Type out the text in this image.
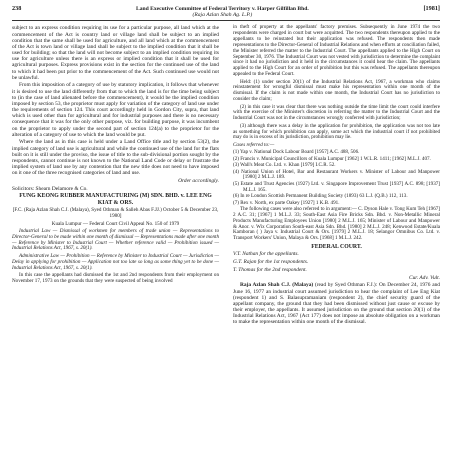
238	Land Executive Committee of Federal Territory v. Harper Gilfillan Bhd.
(Raja Azlan Shah Ag. L.P.)
[1981]

subject to an express condition requiring its use for a particular purpose, all land which at the commencement of the Act is country land or village land shall be subject to an implied condition that the same shall be used for agriculture, and all land which at the commencement of the Act is town land or village land shall be subject to the implied condition that it shall be used for building; so that the land will not become subject to an implied condition requiring its use for agriculture unless there is an express or implied condition that it shall be used for agricultural purposes. Express provisions exist in the section for the continued use of the land to which it had been put prior to the commencement of the Act. Such continued use would not be unlawful.

From this imposition of a category of use by statutory implication, it follows that whenever it is desired to use the land differently from that to which the land is for the time being subject to (in the case of land alienated before the commencement), it would be the implied condition imposed by section 53, the proprietor must apply for variation of the category of land use under the requirements of section 124. This court accordingly held in Gordon City, supra, that land which is used other than for agricultural and for industrial purposes and there is no necessary consequence that it was for the only other purpose, viz. for building purpose, it was incumbent on the proprietor to apply under the second part of section 124(a) to the proprietor for the alteration of a category of use to which the land would be put.

Where the land as in this case is held under a Land Office title and by section 53(2), the implied category of land use is agricultural and while the continued use of the land for the flats built on it is still under the proviso, the issue of title to the sub-divisional portion sought by the respondents, cannot continue is not known to the National Land Code or delay or frustrate the implied system of land use by any contention that the new title does not need to have imposed on it one of the three recognised categories of land and use.

Order accordingly.

Solicitors: Shearn Delamore & Co.

FUNG KEONG RUBBER MANUFACTURING (M) SDN. BHD. v. LEE ENG KIAT & ORS.

[F.C. (Raja Azlan Shah C.J. (Malaya), Syed Othman & Salleh Abas F.JJ.) October 5 & December 23, 1980]

Kuala Lumpur — Federal Court Civil Appeal No. 150 of 1979

Industrial Law — Dismissal of workmen for members of trade union — Representations to Director-General to be made within one month of dismissal — Representations made after one month — Reference by Minister to Industrial Court — Whether reference valid — Prohibition issued — Industrial Relations Act, 1967, s. 20(1).

Administrative Law — Prohibition — Reference by Minister to Industrial Court — Jurisdiction — Delay in applying for prohibition — Application not too late so long as some thing yet to be done — Industrial Relations Act, 1967, s. 20(1).

In this case the appellants had dismissed the 1st and 2nd respondents from their employment on November 17, 1973 on the grounds that they were suspected of being involved

in theft of property at the appellants' factory premises. Subsequently in June 1974 the two respondents were charged in court but were acquitted. The two respondents thereupon applied to the appellants to be reinstated but their application was refused. The respondents then made representations to the Director-General of Industrial Relations and when efforts at conciliation failed, the Minister referred the matter to the Industrial Court. The appellants applied to the High Court on September 30, 1976. The Industrial Court was not vested with jurisdiction to determine the complaint since it had no jurisdiction and it held in the circumstances it could hear the claim. The appellants applied to the High Court for an order of prohibition but this was refused. The appellants thereupon appealed to the Federal Court.

Held: (1) under section 20(1) of the Industrial Relations Act, 1967, a workman who claims reinstatement for wrongful dismissal must make his representation within one month of the dismissal. If the claim is not made within one month, the Industrial Court has no jurisdiction to consider the claim;

(2) in this case it was clear that there was nothing outside the time limit the court could interfere with the exercise of the Minister's discretion in referring the matter to the Industrial Court and the Industrial Court was not in the circumstances wrongly conferred with jurisdiction;

(3) although there was a delay in the application for prohibition, the application was not too late as something for which prohibition can apply, some act which the industrial court if not prohibited may do is in excess of its jurisdiction, prohibition may lie.

Cases referred to:—

(1) Yap v. National Dock Labour Board [1957] A.C. 488, 506.

(2) Francis v. Municipal Councillors of Kuala Lumpur [1962] 1 W.L.R. 1411; [1962] M.L.J. 407.

(3) Wall's Meat Co. Ltd. v. Khan [1979] I.C.R. 52.

(4) National Union of Hotel, Bar and Restaurant Workers v. Minister of Labour and Manpower [1980] 2 M.L.J. 189.

(5) Estate and Trust Agencies (1927) Ltd. v. Singapore Improvement Trust [1937] A.C. 898; [1937] M.L.J. 165.

(6) In re London Scottish Permanent Building Society (1893) 63 L.J. (Q.B.) 112, 113.

(7) Rex v. North, ex parte Oakey [1927] 1 K.B. 491.

The following cases were also referred to in argument:— C. Dyson Hale v. Tong Kum Teh [1967] 2 A.C. 31; [1967] 1 M.L.J. 33; South-East Asia Fire Bricks Sdn. Bhd. v. Non-Metallic Mineral Products Manufacturing Employees Union [1980] 2 M.L.J. 165; Minister of Labour and Manpower & Anor. v. Wix Corporation South-east Asia Sdn. Bhd. [1980] 2 M.L.J. 248; Kenwood Estate/Kuala Kamboran ( ) Jaya v. Industrial Court & Ors. [1979] 2 M.L.J. 18; Selangor Omnibus Co. Ltd. v. Transport Workers' Union, Malaya & Ors. [1968] 1 M.L.J. 242.

FEDERAL COURT.

V.T. Nathan for the appellants.

G.T. Rajan for the 1st respondents.

T. Thomas for the 2nd respondent.

Cur. Adv. Vult.

Raja Azlan Shah C.J. (Malaya) (read by Syed Othman F.J.): On December 24, 1976 and June 16, 1977 an industrial court assumed jurisdiction to hear the complaint of Lee Eng Kiat (respondent 1) and S. Balasupramaniam (respondent 2), the chief security guard of the appellant company, the ground that they had been dismissed without just cause or excuse by their employer, the appellants. It assumed jurisdiction on the ground that section 20(1) of the Industrial Relations Act, 1967 (Act 177) does not impose an absolute obligation on a workman to make the representation within one month of the dismissal.
